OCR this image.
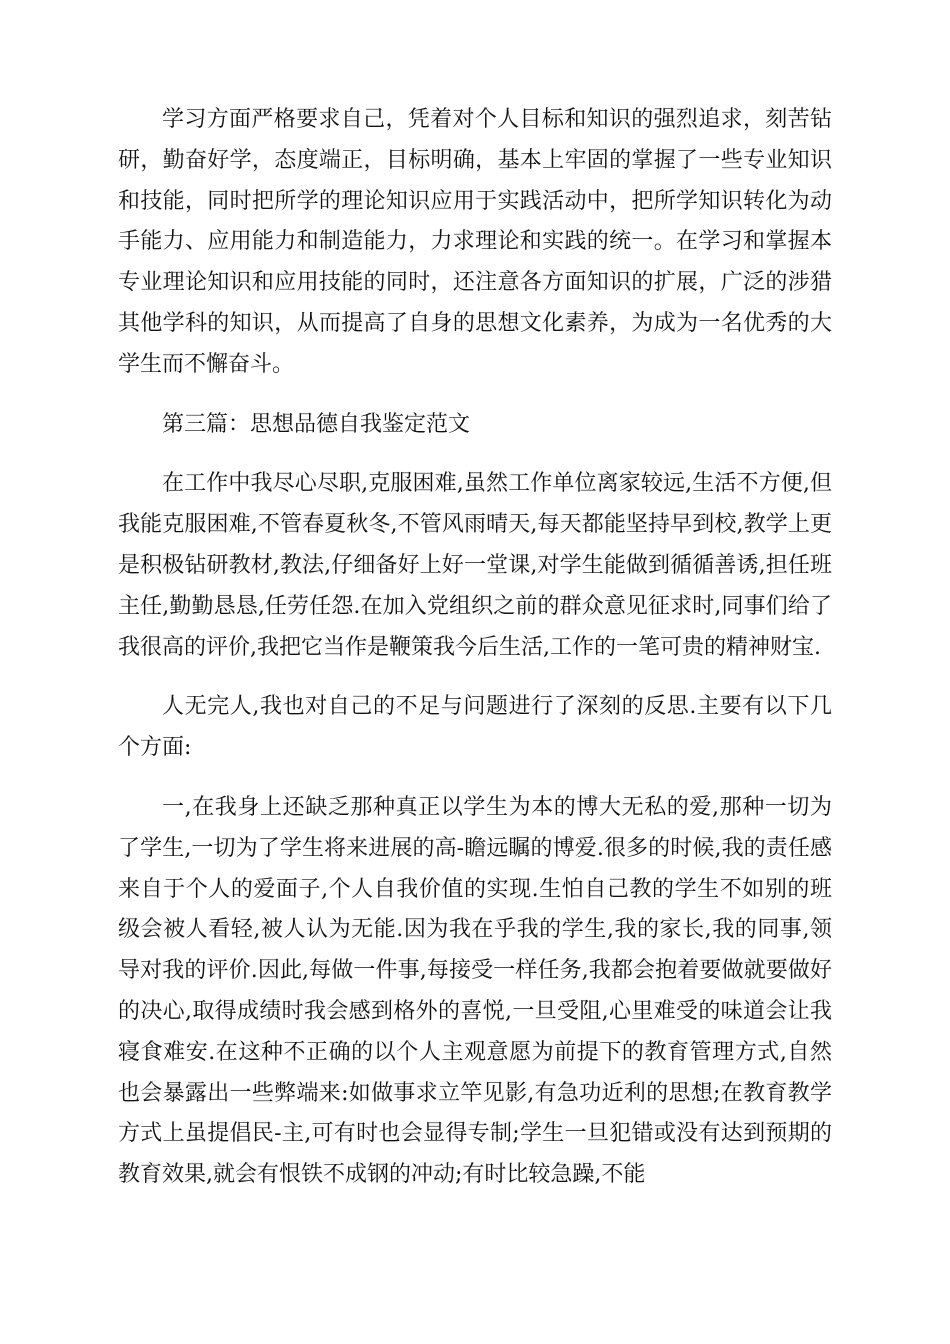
学习方面严格要求自己，凭着对个人目标和知识的强烈追求，刻苦钻研，勤奋好学，态度端正，目标明确，基本上牢固的掌握了一些专业知识和技能，同时把所学的理论知识应用于实践活动中，把所学知识转化为动手能力、应用能力和制造能力，力求理论和实践的统一。在学习和掌握本专业理论知识和应用技能的同时，还注意各方面知识的扩展，广泛的涉猎其他学科的知识，从而提高了自身的思想文化素养，为成为一名优秀的大学生而不懈奋斗。

第三篇：思想品德自我鉴定范文

在工作中我尽心尽职,克服困难,虽然工作单位离家较远,生活不方便,但我能克服困难,不管春夏秋冬,不管风雨晴天,每天都能坚持早到校,教学上更是积极钻研教材,教法,仔细备好上好一堂课,对学生能做到循循善诱,担任班主任,勤勤恳恳,任劳任怨.在加入党组织之前的群众意见征求时,同事们给了我很高的评价,我把它当作是鞭策我今后生活,工作的一笔可贵的精神财宝.

人无完人,我也对自己的不足与问题进行了深刻的反思.主要有以下几个方面:

一,在我身上还缺乏那种真正以学生为本的博大无私的爱,那种一切为了学生,一切为了学生将来进展的高-瞻远瞩的博爱.很多的时候,我的责任感来自于个人的爱面子,个人自我价值的实现.生怕自己教的学生不如别的班级会被人看轻,被人认为无能.因为我在乎我的学生,我的家长,我的同事,领导对我的评价.因此,每做一件事,每接受一样任务,我都会抱着要做就要做好的决心,取得成绩时我会感到格外的喜悦,一旦受阻,心里难受的味道会让我寝食难安.在这种不正确的以个人主观意愿为前提下的教育管理方式,自然也会暴露出一些弊端来:如做事求立竿见影,有急功近利的思想;在教育教学方式上虽提倡民-主,可有时也会显得专制;学生一旦犯错或没有达到预期的教育效果,就会有恨铁不成钢的冲动;有时比较急躁,不能
